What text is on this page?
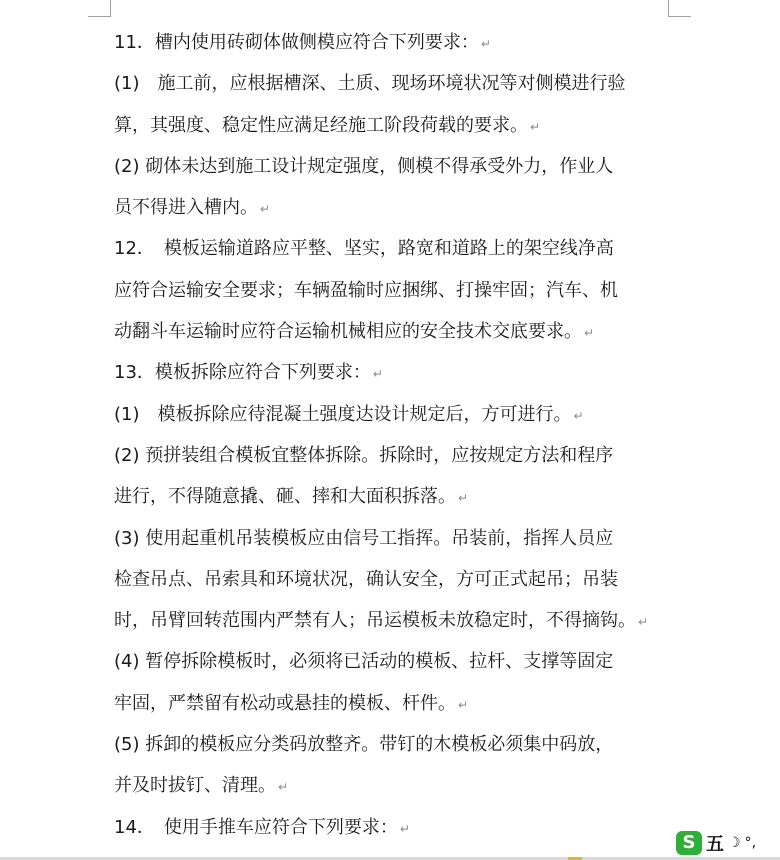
11．槽内使用砖砌体做侧模应符合下列要求： ↵
(1)　施工前，应根据槽深、土质、现场环境状况等对侧模进行验
算，其强度、稳定性应满足经施工阶段荷载的要求。 ↵
(2) 砌体未达到施工设计规定强度，侧模不得承受外力，作业人
员不得进入槽内。 ↵
12．　模板运输道路应平整、坚实，路宽和道路上的架空线净高
应符合运输安全要求；车辆盈输时应捆绑、打操牢固；汽车、机
动翻斗车运输时应符合运输机械相应的安全技术交底要求。 ↵
13．模板拆除应符合下列要求： ↵
(1)　模板拆除应待混凝土强度达设计规定后，方可进行。 ↵
(2) 预拼装组合模板宜整体拆除。拆除时，应按规定方法和程序
进行，不得随意撬、砸、摔和大面积拆落。 ↵
(3) 使用起重机吊装模板应由信号工指挥。吊装前，指挥人员应
检查吊点、吊索具和环境状况，确认安全，方可正式起吊；吊装
时，吊臂回转范围内严禁有人；吊运模板未放稳定时，不得摘钩。 ↵
(4) 暂停拆除模板时，必须将已活动的模板、拉杆、支撑等固定
牢固，严禁留有松动或悬挂的模板、杆件。 ↵
(5) 拆卸的模板应分类码放整齐。带钉的木模板必须集中码放，
并及时拔钉、清理。 ↵
14．　使用手推车应符合下列要求： ↵
S 五 ☽ °,
